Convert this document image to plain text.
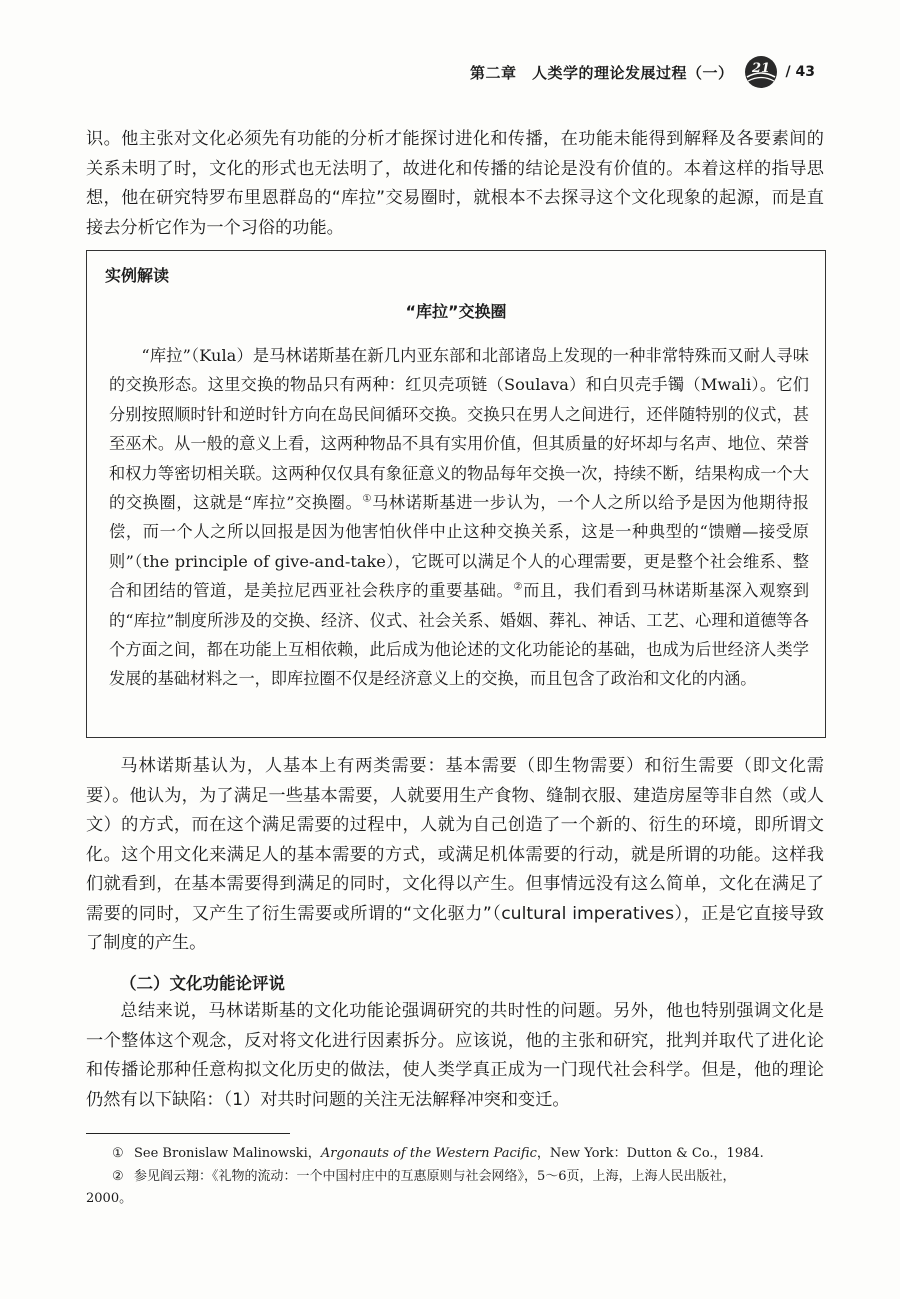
第二章　人类学的理论发展过程（一） 21 / 43
识。他主张对文化必须先有功能的分析才能探讨进化和传播，在功能未能得到解释及各要素间的关系未明了时，文化的形式也无法明了，故进化和传播的结论是没有价值的。本着这样的指导思想，他在研究特罗布里恩群岛的“库拉”交易圈时，就根本不去探寻这个文化现象的起源，而是直接去分析它作为一个习俗的功能。
实例解读
“库拉”交换圈
“库拉”（Kula）是马林诺斯基在新几内亚东部和北部诸岛上发现的一种非常特殊而又耐人寻味的交换形态。这里交换的物品只有两种：红贝壳项链（Soulava）和白贝壳手镯（Mwali）。它们分别按照顺时针和逆时针方向在岛民间循环交换。交换只在男人之间进行，还伴随特别的仪式，甚至巫术。从一般的意义上看，这两种物品不具有实用价值，但其质量的好坏却与名声、地位、荣誉和权力等密切相关联。这两种仅仅具有象征意义的物品每年交换一次，持续不断，结果构成一个大的交换圈，这就是“库拉”交换圈。①马林诺斯基进一步认为，一个人之所以给予是因为他期待报偿，而一个人之所以回报是因为他害怕伙伴中止这种交换关系，这是一种典型的“馈赠—接受原则”（the principle of give-and-take），它既可以满足个人的心理需要，更是整个社会维系、整合和团结的管道，是美拉尼西亚社会秩序的重要基础。②而且，我们看到马林诺斯基深入观察到的“库拉”制度所涉及的交换、经济、仪式、社会关系、婚姻、葬礼、神话、工艺、心理和道德等各个方面之间，都在功能上互相依赖，此后成为他论述的文化功能论的基础，也成为后世经济人类学发展的基础材料之一，即库拉圈不仅是经济意义上的交换，而且包含了政治和文化的内涵。
马林诺斯基认为，人基本上有两类需要：基本需要（即生物需要）和衍生需要（即文化需要）。他认为，为了满足一些基本需要，人就要用生产食物、缝制衣服、建造房屋等非自然（或人文）的方式，而在这个满足需要的过程中，人就为自己创造了一个新的、衍生的环境，即所谓文化。这个用文化来满足人的基本需要的方式，或满足机体需要的行动，就是所谓的功能。这样我们就看到，在基本需要得到满足的同时，文化得以产生。但事情远没有这么简单，文化在满足了需要的同时，又产生了衍生需要或所谓的“文化驱力”（cultural imperatives），正是它直接导致了制度的产生。
（二）文化功能论评说
总结来说，马林诺斯基的文化功能论强调研究的共时性的问题。另外，他也特别强调文化是一个整体这个观念，反对将文化进行因素拆分。应该说，他的主张和研究，批判并取代了进化论和传播论那种任意构拟文化历史的做法，使人类学真正成为一门现代社会科学。但是，他的理论仍然有以下缺陷：（1）对共时问题的关注无法解释冲突和变迁。
① See Bronislaw Malinowski，Argonauts of the Western Pacific，New York：Dutton & Co.，1984.
② 参见阎云翔：《礼物的流动：一个中国村庄中的互惠原则与社会网络》，5～6页，上海，上海人民出版社，
2000。
